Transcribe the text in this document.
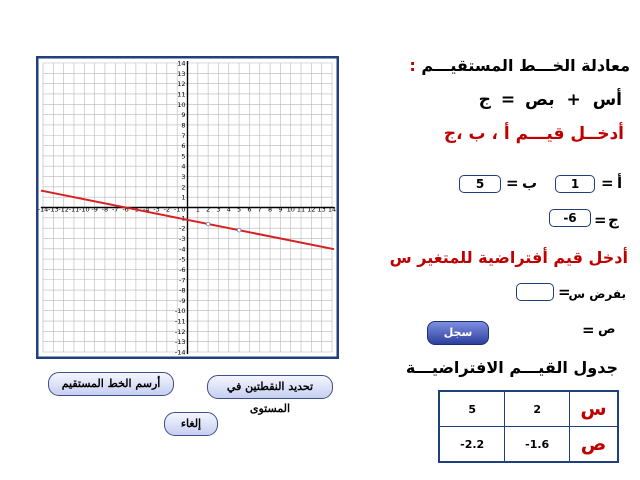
-14 -13 -12 -11 -10 -9 -8 -7 -6 -4 -3 -2 -1 1 2 3 4 5 6 7 8 9 10 11 12 13 14
-14
-13
-12
-11
-10
-9
-8
-7
-6
-5
-4
-3
-2
1
2
3
4
5
6
7
8
9
10
11
12
13
14
0
معادلة الخـــط المستقيـــم :
أس + بص = ج
أدخــل قيـــم أ ، ب ،ج
أ
=
1
ب
=
5
ج
=
-6
أدخل قيم أفتراضية للمتغير س
بفرض س
=
ص
=
سجل القيم
جدول القيـــم الافتراضيـــة
5	2	س
-2.2	-1.6	ص
أرسم الخط المستقيم	تحديد النقطتين في المستوى
إلغاء
